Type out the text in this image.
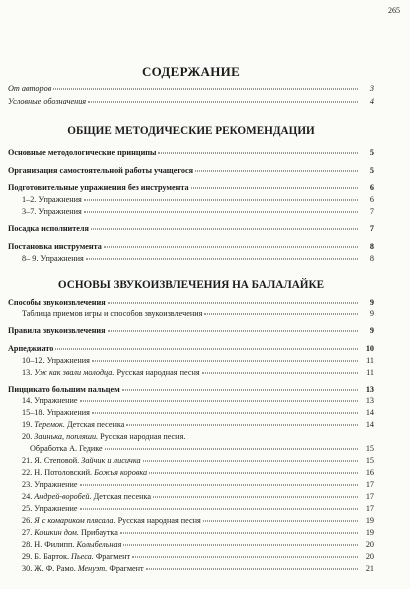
265
СОДЕРЖАНИЕ
От авторов	3
Условные обозначения	4
ОБЩИЕ МЕТОДИЧЕСКИЕ РЕКОМЕНДАЦИИ
Основные методологические принципы	5
Организация самостоятельной работы учащегося	5
Подготовительные упражнения без инструмента	6
1–2. Упражнения	6
3–7. Упражнения	7
Посадка исполнителя	7
Постановка инструмента	8
8– 9. Упражнения	8
ОСНОВЫ ЗВУКОИЗВЛЕЧЕНИЯ НА БАЛАЛАЙКЕ
Способы звукоизвлечения	9
Таблица приемов игры и способов звукоизвлечения	9
Правила звукоизвлечения	9
Арпеджиато	10
10–12. Упражнения	11
13. Уж как звали молодца. Русская народная песня	11
Пиццикато большим пальцем	13
14. Упражнение	13
15–18. Упражнения	14
19. Теремок. Детская песенка	14
20. Заинька, попляши. Русская народная песня.
Обработка А. Гедике	15
21. Я. Степовой. Зайчик и лисичка	15
22. Н. Потоловский. Божья коровка	16
23. Упражнение	17
24. Андрей-воробей. Детская песенка	17
25. Упражнение	17
26. Я с комариком плясала. Русская народная песня	19
27. Кошкин дом. Прибаутка	19
28. Н. Филипп. Колыбельная	20
29. Б. Барток. Пьеса. Фрагмент	20
30. Ж. Ф. Рамо. Менуэт. Фрагмент	21
